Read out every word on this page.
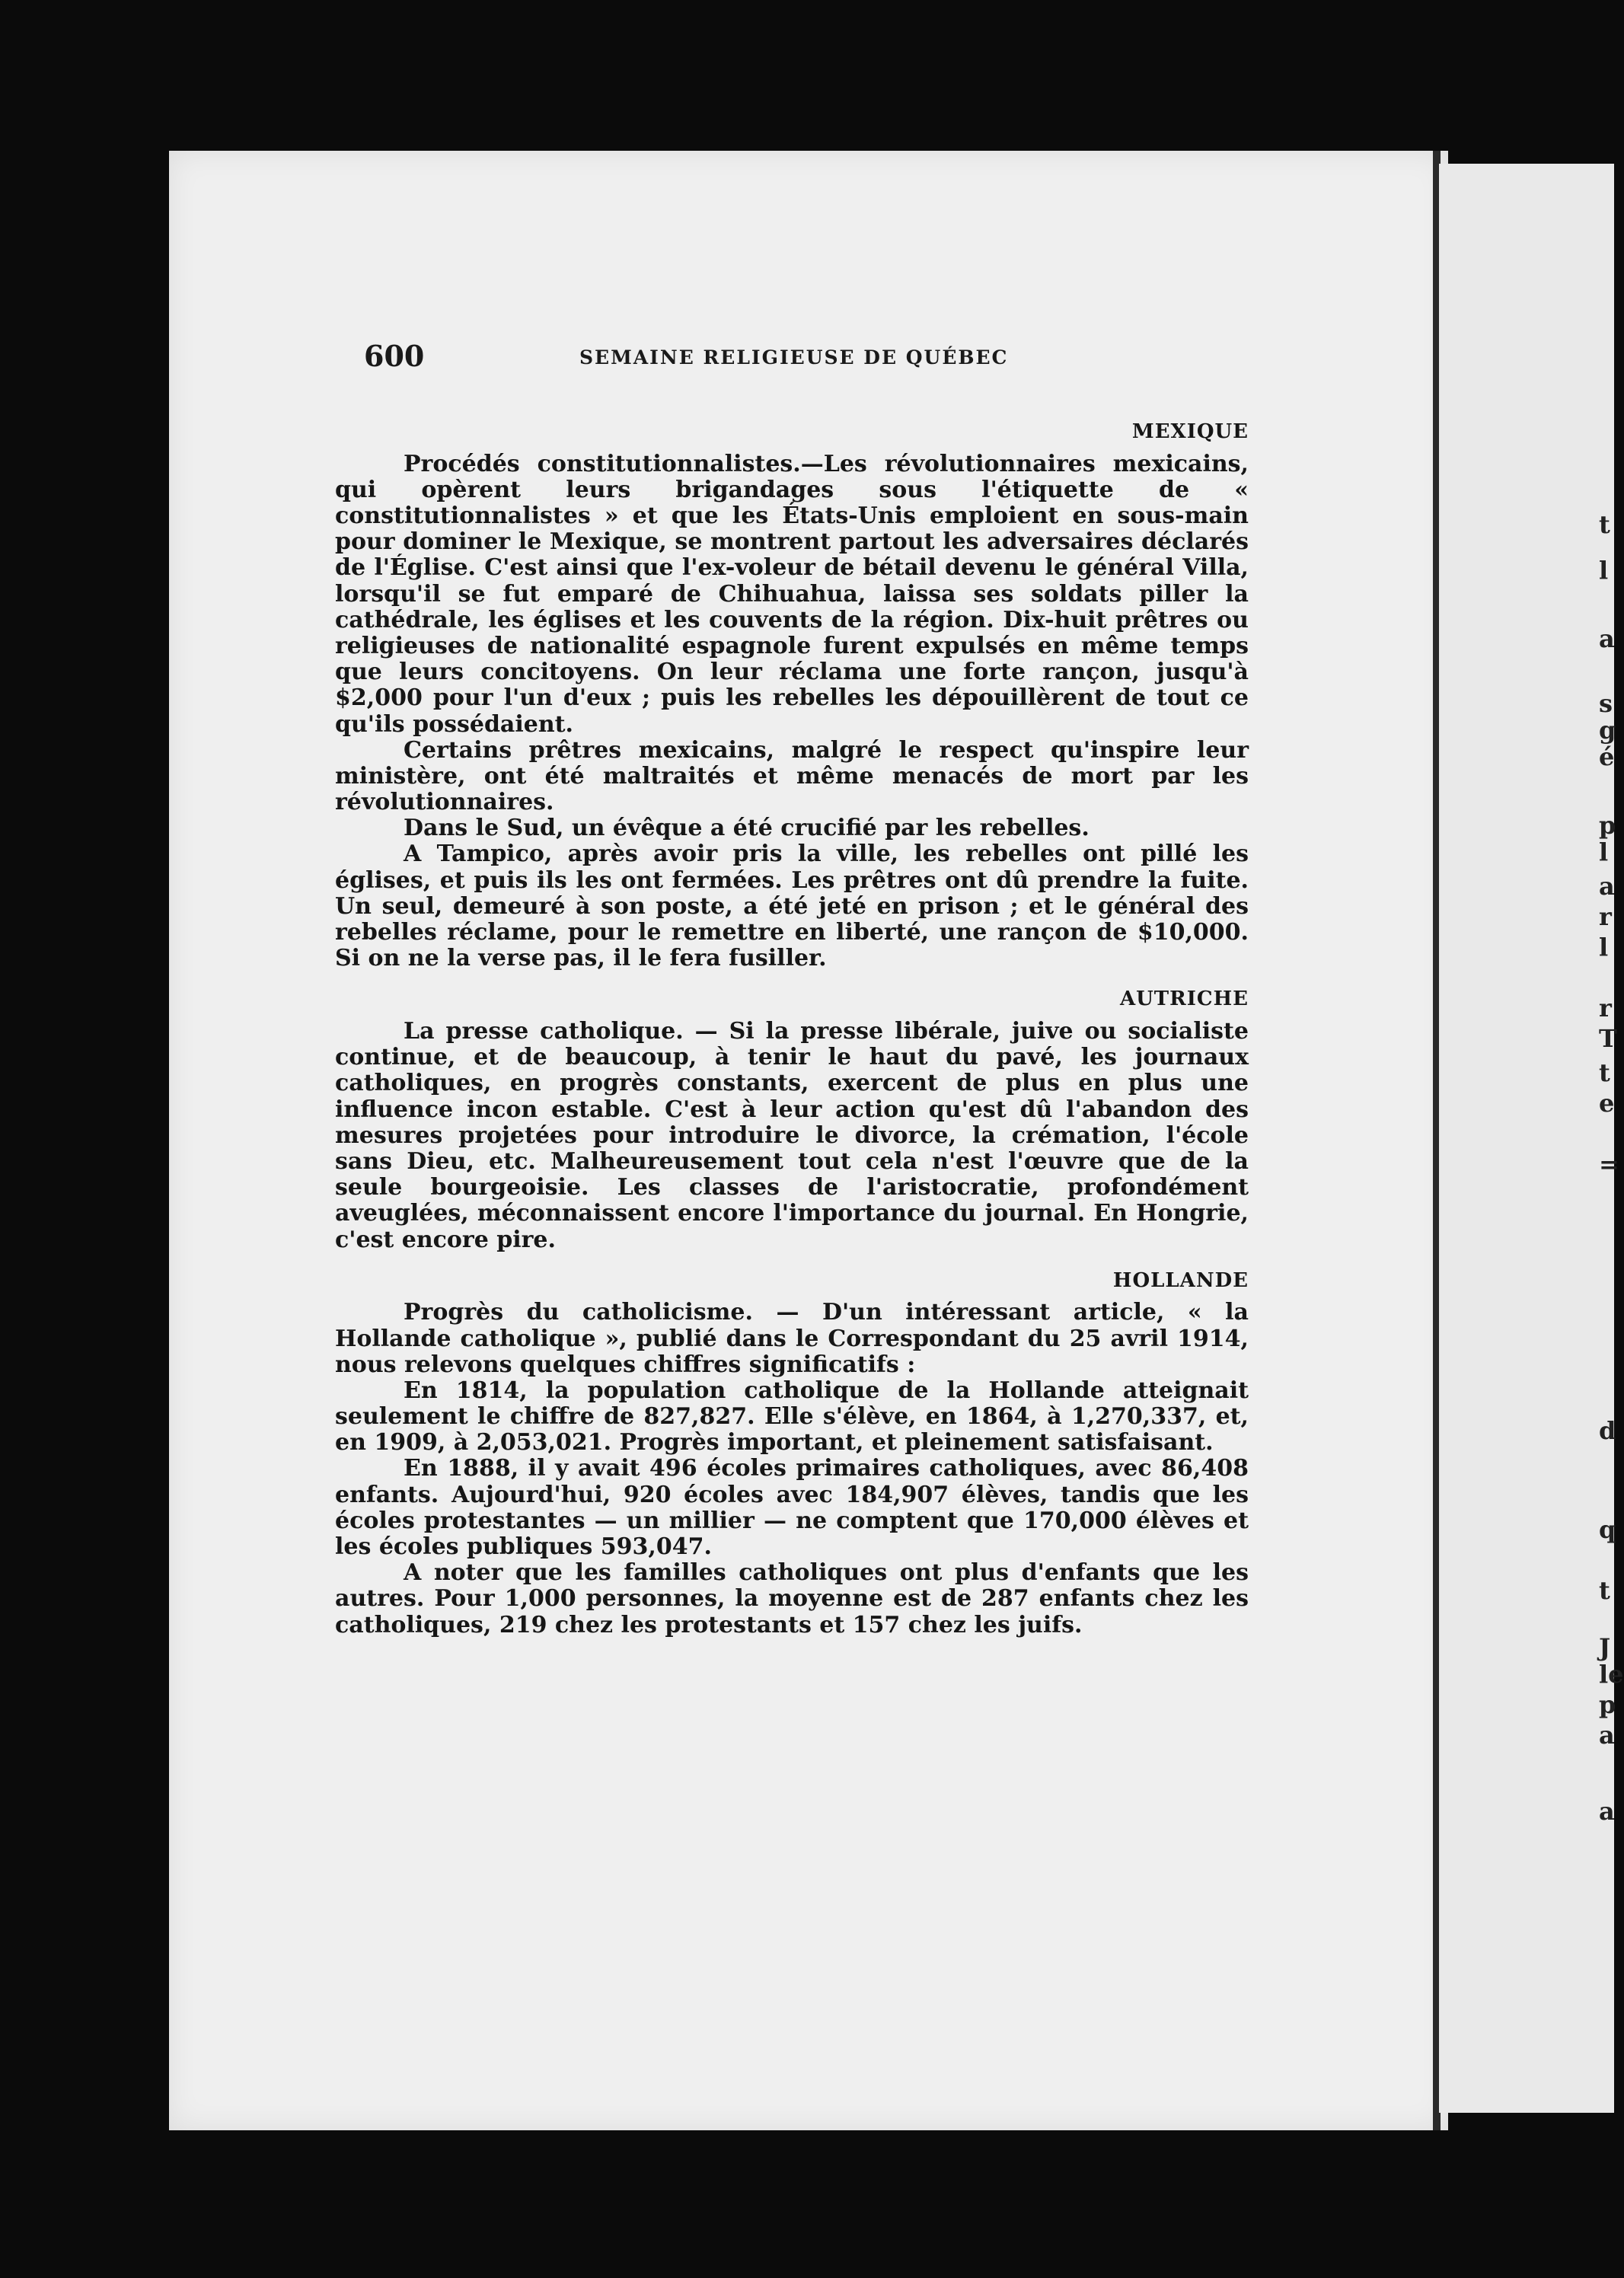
t
l
a
s
g
é
p
l
a
r
l
r
T
t
e
=
d
q
t
J
le
p
a
a
600	SEMAINE RELIGIEUSE DE QUÉBEC
MEXIQUE

Procédés constitutionnalistes.—Les révolutionnaires mexicains, qui opèrent leurs brigandages sous l'étiquette de « constitutionnalistes » et que les États-Unis emploient en sous-main pour dominer le Mexique, se montrent partout les adversaires déclarés de l'Église. C'est ainsi que l'ex-voleur de bétail devenu le général Villa, lorsqu'il se fut emparé de Chihuahua, laissa ses soldats piller la cathédrale, les églises et les couvents de la région. Dix-huit prêtres ou religieuses de nationalité espagnole furent expulsés en même temps que leurs concitoyens. On leur réclama une forte rançon, jusqu'à $2,000 pour l'un d'eux ; puis les rebelles les dépouillèrent de tout ce qu'ils possédaient.

Certains prêtres mexicains, malgré le respect qu'inspire leur ministère, ont été maltraités et même menacés de mort par les révolutionnaires.

Dans le Sud, un évêque a été crucifié par les rebelles.

A Tampico, après avoir pris la ville, les rebelles ont pillé les églises, et puis ils les ont fermées. Les prêtres ont dû prendre la fuite. Un seul, demeuré à son poste, a été jeté en prison ; et le général des rebelles réclame, pour le remettre en liberté, une rançon de $10,000. Si on ne la verse pas, il le fera fusiller.

AUTRICHE

La presse catholique. — Si la presse libérale, juive ou socialiste continue, et de beaucoup, à tenir le haut du pavé, les journaux catholiques, en progrès constants, exercent de plus en plus une influence incon estable. C'est à leur action qu'est dû l'abandon des mesures projetées pour introduire le divorce, la crémation, l'école sans Dieu, etc. Malheureusement tout cela n'est l'œuvre que de la seule bourgeoisie. Les classes de l'aristocratie, profondément aveuglées, méconnaissent encore l'importance du journal. En Hongrie, c'est encore pire.

HOLLANDE

Progrès du catholicisme. — D'un intéressant article, « la Hollande catholique », publié dans le Correspondant du 25 avril 1914, nous relevons quelques chiffres significatifs :

En 1814, la population catholique de la Hollande atteignait seulement le chiffre de 827,827. Elle s'élève, en 1864, à 1,270,337, et, en 1909, à 2,053,021. Progrès important, et pleinement satisfaisant.

En 1888, il y avait 496 écoles primaires catholiques, avec 86,408 enfants. Aujourd'hui, 920 écoles avec 184,907 élèves, tandis que les écoles protestantes — un millier — ne comptent que 170,000 élèves et les écoles publiques 593,047.

A noter que les familles catholiques ont plus d'enfants que les autres. Pour 1,000 personnes, la moyenne est de 287 enfants chez les catholiques, 219 chez les protestants et 157 chez les juifs.
